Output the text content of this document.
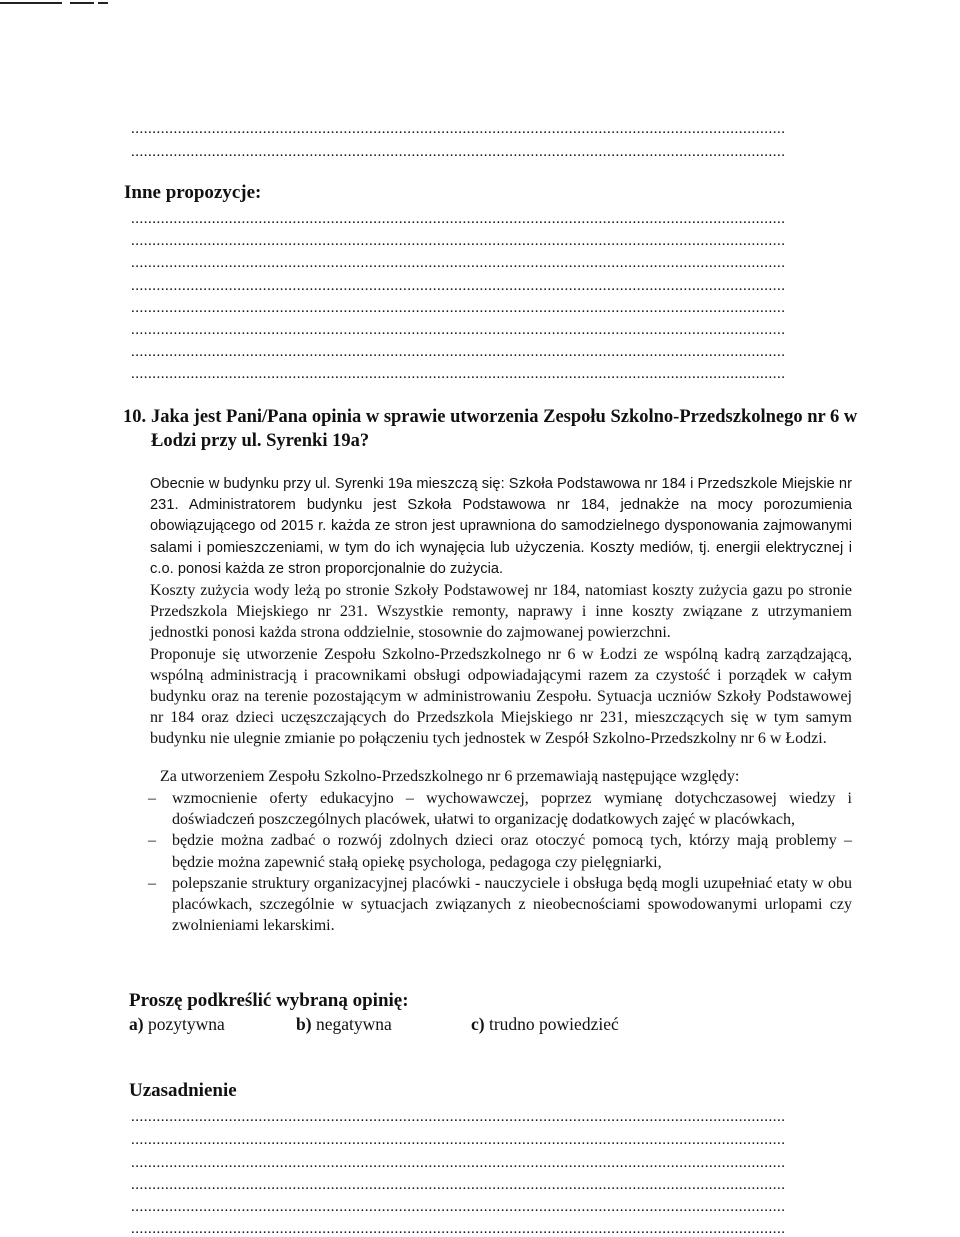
..........................................................................................................................................................
..........................................................................................................................................................
Inne propozycje:
..........................................................................................................................................................
..........................................................................................................................................................
..........................................................................................................................................................
..........................................................................................................................................................
..........................................................................................................................................................
..........................................................................................................................................................
..........................................................................................................................................................
..........................................................................................................................................................
10. Jaka jest Pani/Pana opinia w sprawie utworzenia Zespołu Szkolno-Przedszkolnego nr 6 w Łodzi przy ul. Syrenki 19a?

Obecnie w budynku przy ul. Syrenki 19a mieszczą się: Szkoła Podstawowa nr 184 i Przedszkole Miejskie nr 231. Administratorem budynku jest Szkoła Podstawowa nr 184, jednakże na mocy porozumienia obowiązującego od 2015 r. każda ze stron jest uprawniona do samodzielnego dysponowania zajmowanymi salami i pomieszczeniami, w tym do ich wynajęcia lub użyczenia. Koszty mediów, tj. energii elektrycznej i c.o. ponosi każda ze stron proporcjonalnie do zużycia.

Koszty zużycia wody leżą po stronie Szkoły Podstawowej nr 184, natomiast koszty zużycia gazu po stronie Przedszkola Miejskiego nr 231. Wszystkie remonty, naprawy i inne koszty związane z utrzymaniem jednostki ponosi każda strona oddzielnie, stosownie do zajmowanej powierzchni.

Proponuje się utworzenie Zespołu Szkolno-Przedszkolnego nr 6 w Łodzi ze wspólną kadrą zarządzającą, wspólną administracją i pracownikami obsługi odpowiadającymi razem za czystość i porządek w całym budynku oraz na terenie pozostającym w administrowaniu Zespołu. Sytuacja uczniów Szkoły Podstawowej nr 184 oraz dzieci uczęszczających do Przedszkola Miejskiego nr 231, mieszczących się w tym samym budynku nie ulegnie zmianie po połączeniu tych jednostek w Zespół Szkolno-Przedszkolny nr 6 w Łodzi.

Za utworzeniem Zespołu Szkolno-Przedszkolnego nr 6 przemawiają następujące względy:
– wzmocnienie oferty edukacyjno – wychowawczej, poprzez wymianę dotychczasowej wiedzy i doświadczeń poszczególnych placówek, ułatwi to organizację dodatkowych zajęć w placówkach,
– będzie można zadbać o rozwój zdolnych dzieci oraz otoczyć pomocą tych, którzy mają problemy – będzie można zapewnić stałą opiekę psychologa, pedagoga czy pielęgniarki,
– polepszanie struktury organizacyjnej placówki - nauczyciele i obsługa będą mogli uzupełniać etaty w obu placówkach, szczególnie w sytuacjach związanych z nieobecnościami spowodowanymi urlopami czy zwolnieniami lekarskimi.
Proszę podkreślić wybraną opinię:
a) pozytywna	b) negatywna	c) trudno powiedzieć
Uzasadnienie
..........................................................................................................................................................
..........................................................................................................................................................
..........................................................................................................................................................
..........................................................................................................................................................
..........................................................................................................................................................
..........................................................................................................................................................
